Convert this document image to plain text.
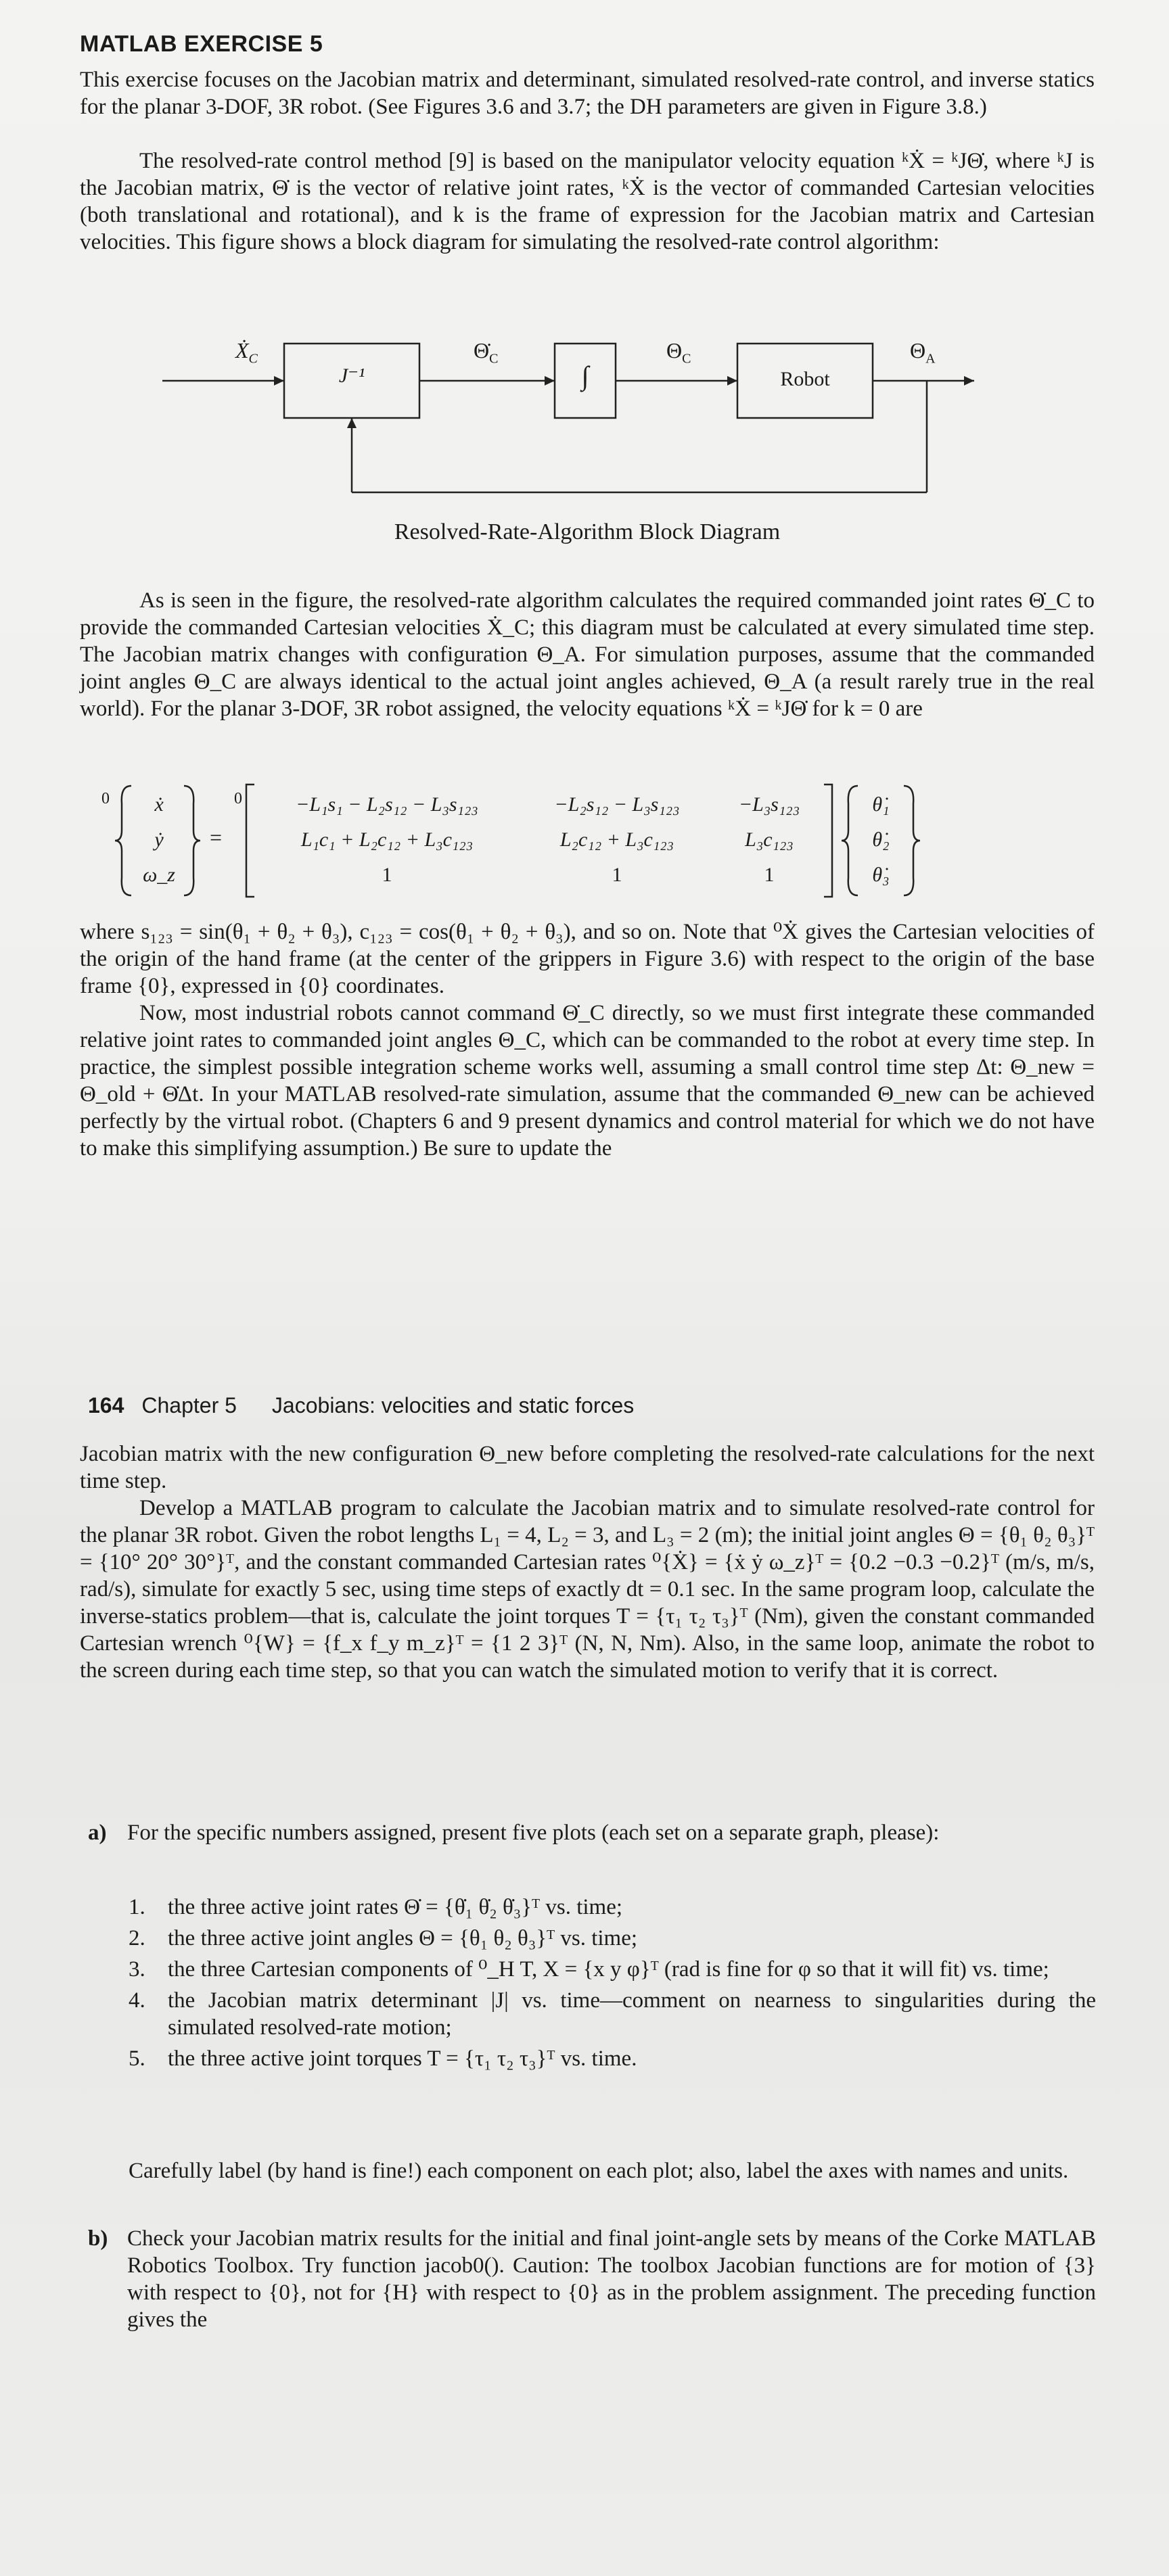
MATLAB EXERCISE 5

This exercise focuses on the Jacobian matrix and determinant, simulated resolved-rate control, and inverse statics for the planar 3-DOF, 3R robot. (See Figures 3.6 and 3.7; the DH parameters are given in Figure 3.8.)

The resolved-rate control method [9] is based on the manipulator velocity equation ᵏẊ = ᵏJΘ̇, where ᵏJ is the Jacobian matrix, Θ̇ is the vector of relative joint rates, ᵏẊ is the vector of commanded Cartesian velocities (both translational and rotational), and k is the frame of expression for the Jacobian matrix and Cartesian velocities. This figure shows a block diagram for simulating the resolved-rate control algorithm:

Ẋ$_C$
J⁻¹
$\Thetȧ_C$
∫
$\Theta_C$
Robot
$\Theta_A$
Resolved-Rate-Algorithm Block Diagram

As is seen in the figure, the resolved-rate algorithm calculates the required commanded joint rates Θ̇_C to provide the commanded Cartesian velocities Ẋ_C; this diagram must be calculated at every simulated time step. The Jacobian matrix changes with configuration Θ_A. For simulation purposes, assume that the commanded joint angles Θ_C are always identical to the actual joint angles achieved, Θ_A (a result rarely true in the real world). For the planar 3-DOF, 3R robot assigned, the velocity equations ᵏẊ = ᵏJΘ̇ for k = 0 are

0	ẋ
ẏ
ω_z
=
0	−L₁s₁ − L₂s₁₂ − L₃s₁₂₃	−L₂s₁₂ − L₃s₁₂₃	−L₃s₁₂₃
L₁c₁ + L₂c₁₂ + L₃c₁₂₃	L₂c₁₂ + L₃c₁₂₃	L₃c₁₂₃
1	1	1
θ̇₁
θ̇₂
θ̇₃

where s₁₂₃ = sin(θ₁ + θ₂ + θ₃), c₁₂₃ = cos(θ₁ + θ₂ + θ₃), and so on. Note that ⁰Ẋ gives the Cartesian velocities of the origin of the hand frame (at the center of the grippers in Figure 3.6) with respect to the origin of the base frame {0}, expressed in {0} coordinates.

Now, most industrial robots cannot command Θ̇_C directly, so we must first integrate these commanded relative joint rates to commanded joint angles Θ_C, which can be commanded to the robot at every time step. In practice, the simplest possible integration scheme works well, assuming a small control time step Δt: Θ_new = Θ_old + Θ̇Δt. In your MATLAB resolved-rate simulation, assume that the commanded Θ_new can be achieved perfectly by the virtual robot. (Chapters 6 and 9 present dynamics and control material for which we do not have to make this simplifying assumption.) Be sure to update the

164 Chapter 5 Jacobians: velocities and static forces

Jacobian matrix with the new configuration Θ_new before completing the resolved-rate calculations for the next time step.

Develop a MATLAB program to calculate the Jacobian matrix and to simulate resolved-rate control for the planar 3R robot. Given the robot lengths L₁ = 4, L₂ = 3, and L₃ = 2 (m); the initial joint angles Θ = {θ₁ θ₂ θ₃}ᵀ = {10° 20° 30°}ᵀ, and the constant commanded Cartesian rates ⁰{Ẋ} = {ẋ ẏ ω_z}ᵀ = {0.2 −0.3 −0.2}ᵀ (m/s, m/s, rad/s), simulate for exactly 5 sec, using time steps of exactly dt = 0.1 sec. In the same program loop, calculate the inverse-statics problem—that is, calculate the joint torques T = {τ₁ τ₂ τ₃}ᵀ (Nm), given the constant commanded Cartesian wrench ⁰{W} = {f_x f_y m_z}ᵀ = {1 2 3}ᵀ (N, N, Nm). Also, in the same loop, animate the robot to the screen during each time step, so that you can watch the simulated motion to verify that it is correct.

a) For the specific numbers assigned, present five plots (each set on a separate graph, please):

1. the three active joint rates Θ̇ = {θ̇₁ θ̇₂ θ̇₃}ᵀ vs. time;
2. the three active joint angles Θ = {θ₁ θ₂ θ₃}ᵀ vs. time;
3. the three Cartesian components of ⁰_H T, X = {x y φ}ᵀ (rad is fine for φ so that it will fit) vs. time;
4. the Jacobian matrix determinant |J| vs. time—comment on nearness to singularities during the simulated resolved-rate motion;
5. the three active joint torques T = {τ₁ τ₂ τ₃}ᵀ vs. time.

Carefully label (by hand is fine!) each component on each plot; also, label the axes with names and units.

b) Check your Jacobian matrix results for the initial and final joint-angle sets by means of the Corke MATLAB Robotics Toolbox. Try function jacob0(). Caution: The toolbox Jacobian functions are for motion of {3} with respect to {0}, not for {H} with respect to {0} as in the problem assignment. The preceding function gives the
